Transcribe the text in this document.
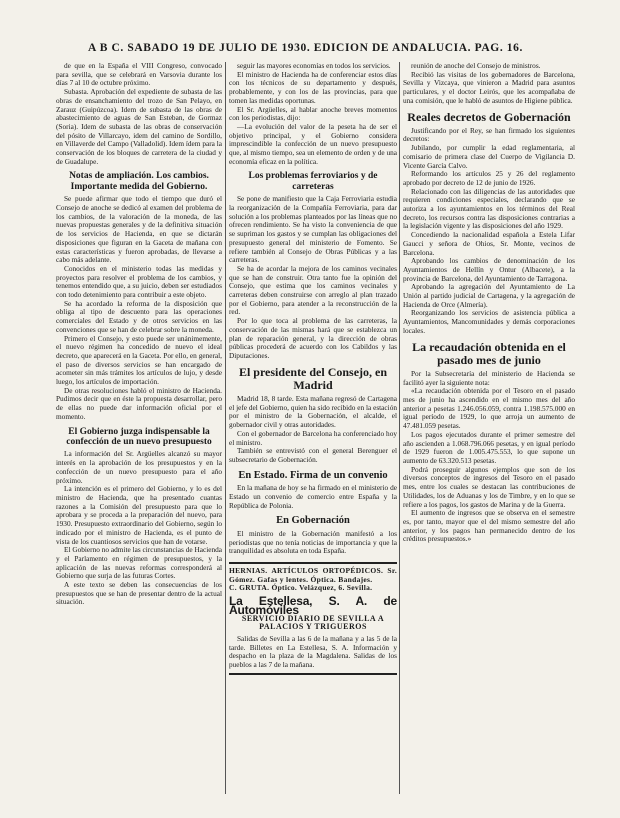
A B C. SABADO 19 DE JULIO DE 1930. EDICION DE ANDALUCIA. PAG. 16.

de que en la España el VIII Congreso, convocado para sevilla, que se celebrará en Varsovia durante los días 7 al 10 de octubre próximo.

Subasta. Aprobación del expediente de subasta de las obras de ensanchamiento del trozo de San Pelayo, en Zarauz (Guipúzcoa). Idem de subasta de las obras de abastecimiento de aguas de San Esteban, de Gormaz (Soria). Idem de subasta de las obras de conservación del pósito de Villarcayo, idem del camino de Sordillo, en Villaverde del Campo (Valladolid). Idem ídem para la conservación de los bloques de carretera de la ciudad y de Guadalupe.

Notas de ampliación. Los cambios. Importante medida del Gobierno.

Se puede afirmar que todo el tiempo que duró el Consejo de anoche se dedicó al examen del problema de los cambios, de la valoración de la moneda, de las nuevas propuestas generales y de la definitiva situación de los servicios de Hacienda, en que se dictarán disposiciones que figuran en la Gaceta de mañana con estas características y fueron aprobadas, de llevarse a cabo más adelante.

Conocidos en el ministerio todas las medidas y proyectos para resolver el problema de los cambios, y tenemos entendido que, a su juicio, deben ser estudiados con todo detenimiento para contribuir a este objeto.

Se ha acordado la reforma de la disposición que obliga al tipo de descuento para las operaciones comerciales del Estado y de otros servicios en las convenciones que se han de celebrar sobre la moneda.

Primero el Consejo, y esto puede ser unánimemente, el nuevo régimen ha concedido de nuevo el ideal decreto, que aparecerá en la Gaceta. Por ello, en general, el paso de diversos servicios se han encargado de acometer sin más trámites los artículos de lujo, y desde luego, los artículos de importación.

De otras resoluciones habló el ministro de Hacienda. Pudimos decir que en éste la propuesta desarrollar, pero de ellas no puede dar información oficial por el momento.

El Gobierno juzga indispensable la confección de un nuevo presupuesto

La información del Sr. Argüelles alcanzó su mayor interés en la aprobación de los presupuestos y en la confección de un nuevo presupuesto para el año próximo.

La intención es el primero del Gobierno, y lo es del ministro de Hacienda, que ha presentado cuantas razones a la Comisión del presupuesto para que lo aprobara y se proceda a la preparación del nuevo, para 1930. Presupuesto extraordinario del Gobierno, según lo indicado por el ministro de Hacienda, es el punto de vista de los cuantiosos servicios que han de votarse.

El Gobierno no admite las circunstancias de Hacienda y el Parlamento en régimen de presupuestos, y la aplicación de las nuevas reformas corresponderá al Gobierno que surja de las futuras Cortes.

A este texto se deben las consecuencias de los presupuestos que se han de presentar dentro de la actual situación.

seguir las mayores economías en todos los servicios.

El ministro de Hacienda ha de conferenciar estos días con los técnicos de su departamento y después, probablemente, y con los de las provincias, para que tomen las medidas oportunas.

El Sr. Argüelles, al hablar anoche breves momentos con los periodistas, dijo:

—La evolución del valor de la peseta ha de ser el objetivo principal, y el Gobierno considera imprescindible la confección de un nuevo presupuesto que, al mismo tiempo, sea un elemento de orden y de una economía eficaz en la política.

Los problemas ferroviarios y de carreteras

Se pone de manifiesto que la Caja Ferroviaria estudia la reorganización de la Compañía Ferroviaria, para dar solución a los problemas planteados por las líneas que no ofrecen rendimiento. Se ha visto la conveniencia de que se supriman los gastos y se cumplan las obligaciones del presupuesto general del ministerio de Fomento. Se refiere también al Consejo de Obras Públicas y a las carreteras.

Se ha de acordar la mejora de los caminos vecinales que se han de construir. Otra tanto fue la opinión del Consejo, que estima que los caminos vecinales y carreteras deben construirse con arreglo al plan trazado por el Gobierno, para atender a la reconstrucción de la red.

Por lo que toca al problema de las carreteras, la conservación de las mismas hará que se establezca un plan de reparación general, y la dirección de obras públicas procederá de acuerdo con los Cabildos y las Diputaciones.

El presidente del Consejo, en Madrid

Madrid 18, 8 tarde. Esta mañana regresó de Cartagena el jefe del Gobierno, quien ha sido recibido en la estación por el ministro de la Gobernación, el alcalde, el gobernador civil y otras autoridades.

Con el gobernador de Barcelona ha conferenciado hoy el ministro.

También se entrevistó con el general Berenguer el subsecretario de Gobernación.

En Estado. Firma de un convenio

En la mañana de hoy se ha firmado en el ministerio de Estado un convenio de comercio entre España y la República de Polonia.

En Gobernación

El ministro de la Gobernación manifestó a los periodistas que no tenía noticias de importancia y que la tranquilidad es absoluta en toda España.

HERNIAS. ARTÍCULOS ORTOPÉDICOS. Sr. Gómez. Gafas y lentes. Óptica. Bandajes.
C. GRUTA. Óptico. Velázquez, 6. Sevilla.
La Estellesa, S. A. de Automóviles
SERVICIO DIARIO DE SEVILLA A PALACIOS Y TRIGUEROS

Salidas de Sevilla a las 6 de la mañana y a las 5 de la tarde. Billetes en La Estellesa, S. A. Información y despacho en la plaza de la Magdalena. Salidas de los pueblos a las 7 de la mañana.

reunión de anoche del Consejo de ministros.

Recibió las visitas de los gobernadores de Barcelona, Sevilla y Vizcaya, que vinieron a Madrid para asuntos particulares, y el doctor Leirós, que les acompañaba de una comisión, que le habló de asuntos de Higiene pública.

Reales decretos de Gobernación

Justificando por el Rey, se han firmado los siguientes decretos:

Jubilando, por cumplir la edad reglamentaria, al comisario de primera clase del Cuerpo de Vigilancia D. Vicente García Calvo.

Reformando los artículos 25 y 26 del reglamento aprobado por decreto de 12 de junio de 1926.

Relacionado con las diligencias de las autoridades que requieren condiciones especiales, declarando que se autoriza a los ayuntamientos en los términos del Real decreto, los recursos contra las disposiciones contrarias a la legislación vigente y las disposiciones del año 1929.

Concediendo la nacionalidad española a Estela Lifar Gaucci y señora de Ohios, Sr. Monte, vecinos de Barcelona.

Aprobando los cambios de denominación de los Ayuntamientos de Hellín y Ontur (Albacete), a la provincia de Barcelona, del Ayuntamiento de Tarragona.

Aprobando la agregación del Ayuntamiento de La Unión al partido judicial de Cartagena, y la agregación de Hacienda de Orce (Almería).

Reorganizando los servicios de asistencia pública a Ayuntamientos, Mancomunidades y demás corporaciones locales.

La recaudación obtenida en el pasado mes de junio

Por la Subsecretaría del ministerio de Hacienda se facilitó ayer la siguiente nota:

«La recaudación obtenida por el Tesoro en el pasado mes de junio ha ascendido en el mismo mes del año anterior a pesetas 1.246.056.059, contra 1.198.575.000 en igual período de 1929, lo que arroja un aumento de 47.481.059 pesetas.

Los pagos ejecutados durante el primer semestre del año ascienden a 1.068.796.066 pesetas, y en igual período de 1929 fueron de 1.005.475.553, lo que supone un aumento de 63.320.513 pesetas.

Podrá proseguir algunos ejemplos que son de los diversos conceptos de ingresos del Tesoro en el pasado mes, entre los cuales se destacan las contribuciones de Utilidades, los de Aduanas y los de Timbre, y en lo que se refiere a los pagos, los gastos de Marina y de la Guerra.

El aumento de ingresos que se observa en el semestre es, por tanto, mayor que el del mismo semestre del año anterior, y los pagos han permanecido dentro de los créditos presupuestos.»
